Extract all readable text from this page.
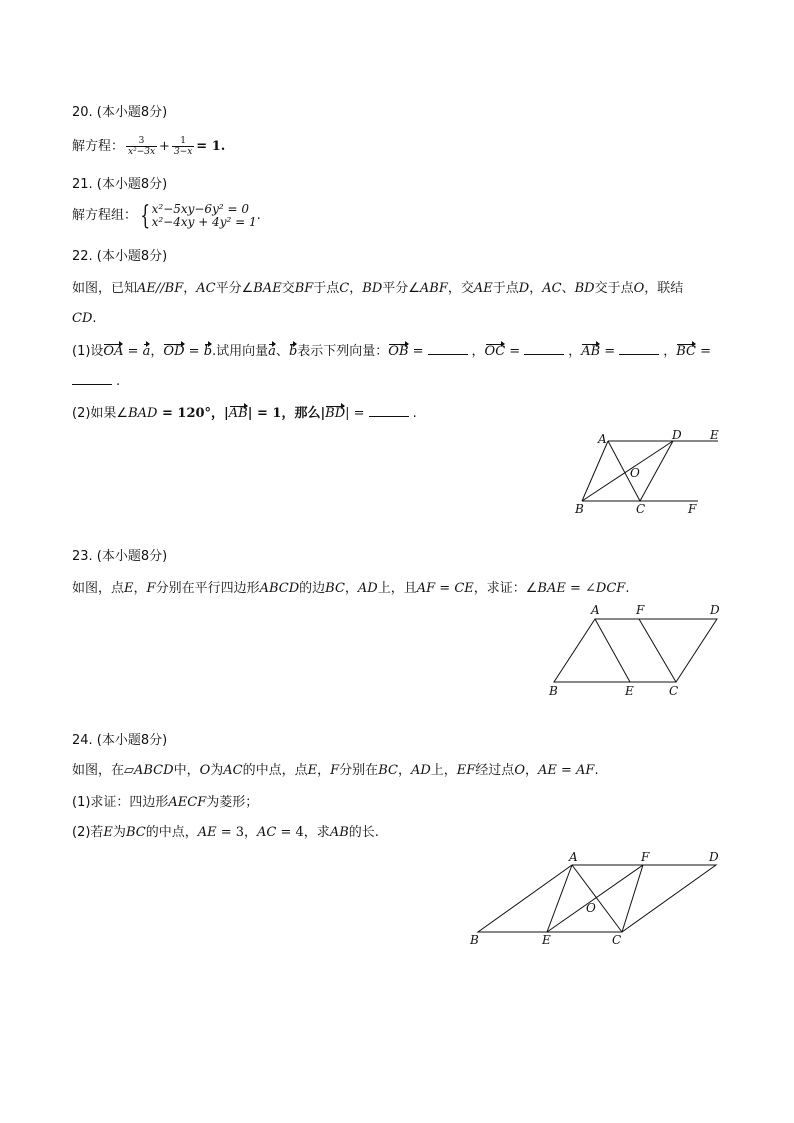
20. (本小题8分)
解方程： $\frac{3}{\text{x²−3x}} + \frac{1}{3-x} = 1$.
21. (本小题8分)
解方程组： { x²−5xy−6y² = 0
x²−4xy + 4y² = 1 .
22. (本小题8分)
如图，已知AE//BF，AC平分∠BAE交BF于点C，BD平分∠ABF，交AE于点D，AC、BD交于点O，联结
CD.
(1)设OA = a，OD = b.试用向量a、b表示下列向量：OB =	，OC =	，AB =	，BC =
.
(2)如果∠BAD = 120°，|AB| = 1，那么|BD| =	.
A	D E
O
B	C	F
23. (本小题8分)
如图，点E，F分别在平行四边形ABCD的边BC，AD上，且AF = CE，求证：∠BAE = ∠DCF.
A	F	D
B	E	C
24. (本小题8分)
如图，在▱ABCD中，O为AC的中点，点E，F分别在BC，AD上，EF经过点O，AE = AF.
(1)求证：四边形AECF为菱形；
(2)若E为BC的中点，AE = 3，AC = 4，求AB的长.
A	F	D
O
B	E	C
